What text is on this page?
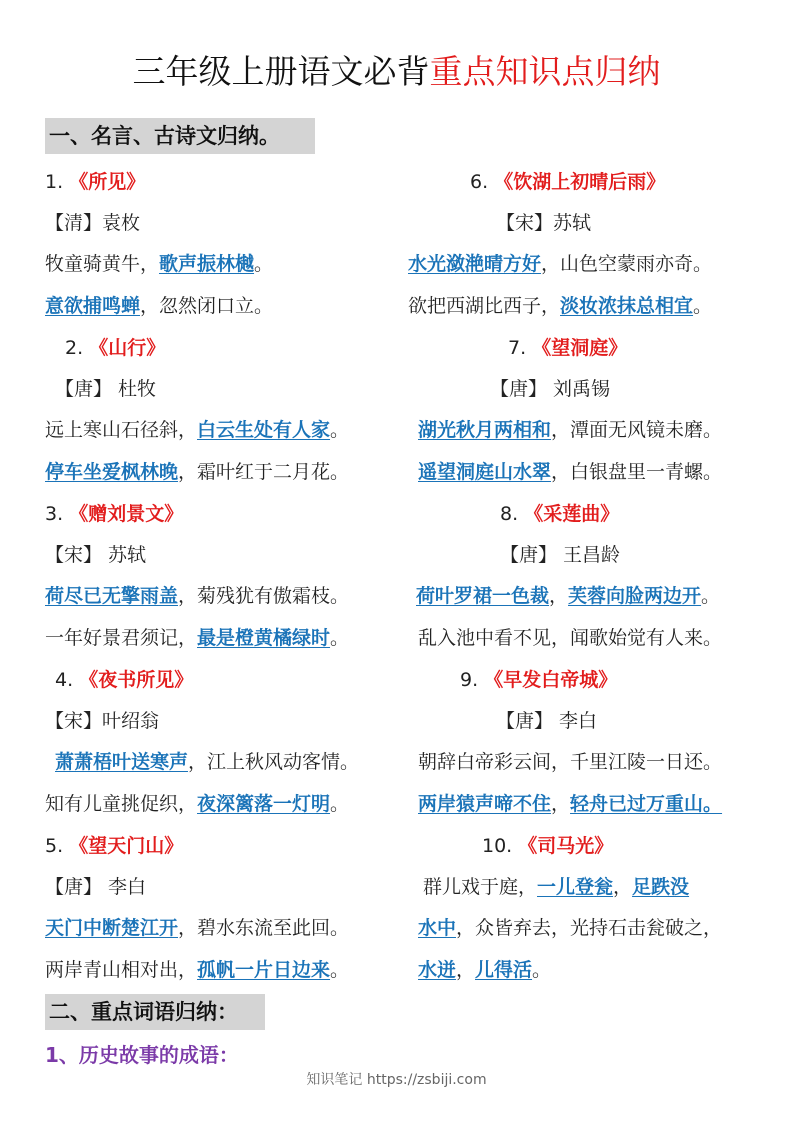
三年级上册语文必背重点知识点归纳
一、名言、古诗文归纳。
1. 《所见》
【清】袁枚
牧童骑黄牛，歌声振林樾。
意欲捕鸣蝉，忽然闭口立。
2. 《山行》
【唐】 杜牧
远上寒山石径斜，白云生处有人家。
停车坐爱枫林晚，霜叶红于二月花。
3. 《赠刘景文》
【宋】 苏轼
荷尽已无擎雨盖，菊残犹有傲霜枝。
一年好景君须记，最是橙黄橘绿时。
4. 《夜书所见》
【宋】叶绍翁
萧萧梧叶送寒声，江上秋风动客情。
知有儿童挑促织，夜深篱落一灯明。
5. 《望天门山》
【唐】 李白
天门中断楚江开，碧水东流至此回。
两岸青山相对出，孤帆一片日边来。
6. 《饮湖上初晴后雨》
【宋】苏轼
水光潋滟晴方好，山色空蒙雨亦奇。
欲把西湖比西子，淡妆浓抹总相宜。
7. 《望洞庭》
【唐】 刘禹锡
湖光秋月两相和，潭面无风镜未磨。
遥望洞庭山水翠，白银盘里一青螺。
8. 《采莲曲》
【唐】 王昌龄
荷叶罗裙一色裁，芙蓉向脸两边开。
乱入池中看不见，闻歌始觉有人来。
9. 《早发白帝城》
【唐】 李白
朝辞白帝彩云间，千里江陵一日还。
两岸猿声啼不住，轻舟已过万重山。
10. 《司马光》
群儿戏于庭，一儿登瓮，足跌没
水中，众皆弃去，光持石击瓮破之，
水迸，儿得活。
二、重点词语归纳：
1、历史故事的成语：
知识笔记 https://zsbiji.com
